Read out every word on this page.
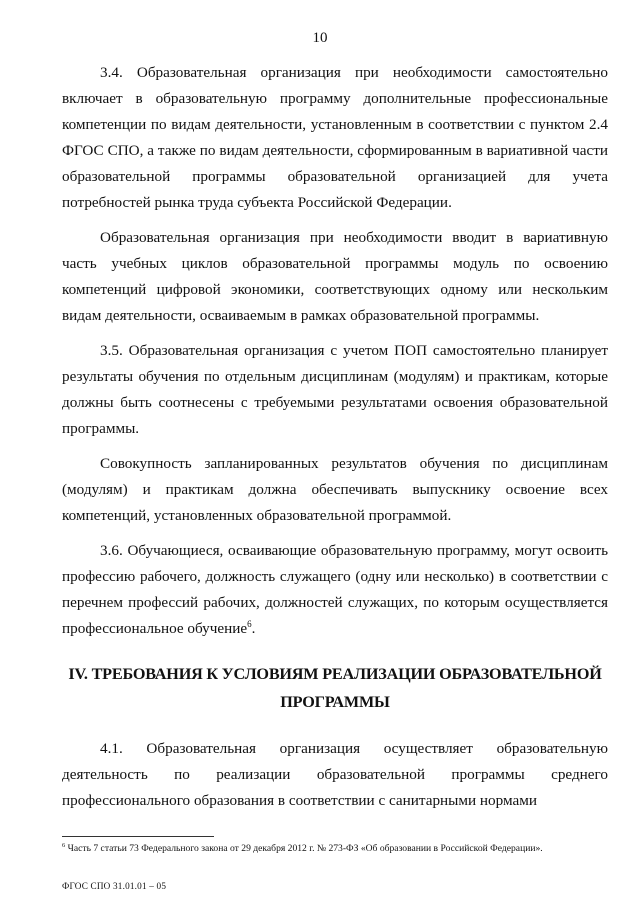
10

3.4. Образовательная организация при необходимости самостоятельно включает в образовательную программу дополнительные профессиональные компетенции по видам деятельности, установленным в соответствии с пунктом 2.4 ФГОС СПО, а также по видам деятельности, сформированным в вариативной части образовательной программы образовательной организацией для учета потребностей рынка труда субъекта Российской Федерации.

Образовательная организация при необходимости вводит в вариативную часть учебных циклов образовательной программы модуль по освоению компетенций цифровой экономики, соответствующих одному или нескольким видам деятельности, осваиваемым в рамках образовательной программы.

3.5. Образовательная организация с учетом ПОП самостоятельно планирует результаты обучения по отдельным дисциплинам (модулям) и практикам, которые должны быть соотнесены с требуемыми результатами освоения образовательной программы.

Совокупность запланированных результатов обучения по дисциплинам (модулям) и практикам должна обеспечивать выпускнику освоение всех компетенций, установленных образовательной программой.

3.6. Обучающиеся, осваивающие образовательную программу, могут освоить профессию рабочего, должность служащего (одну или несколько) в соответствии с перечнем профессий рабочих, должностей служащих, по которым осуществляется профессиональное обучение$^6$.

IV. ТРЕБОВАНИЯ К УСЛОВИЯМ РЕАЛИЗАЦИИ ОБРАЗОВАТЕЛЬНОЙ
ПРОГРАММЫ

4.1. Образовательная организация осуществляет образовательную деятельность по реализации образовательной программы среднего профессионального образования в соответствии с санитарными нормами

$^6$ Часть 7 статьи 73 Федерального закона от 29 декабря 2012 г. № 273-ФЗ «Об образовании в Российской Федерации».
ФГОС СПО 31.01.01 – 05
